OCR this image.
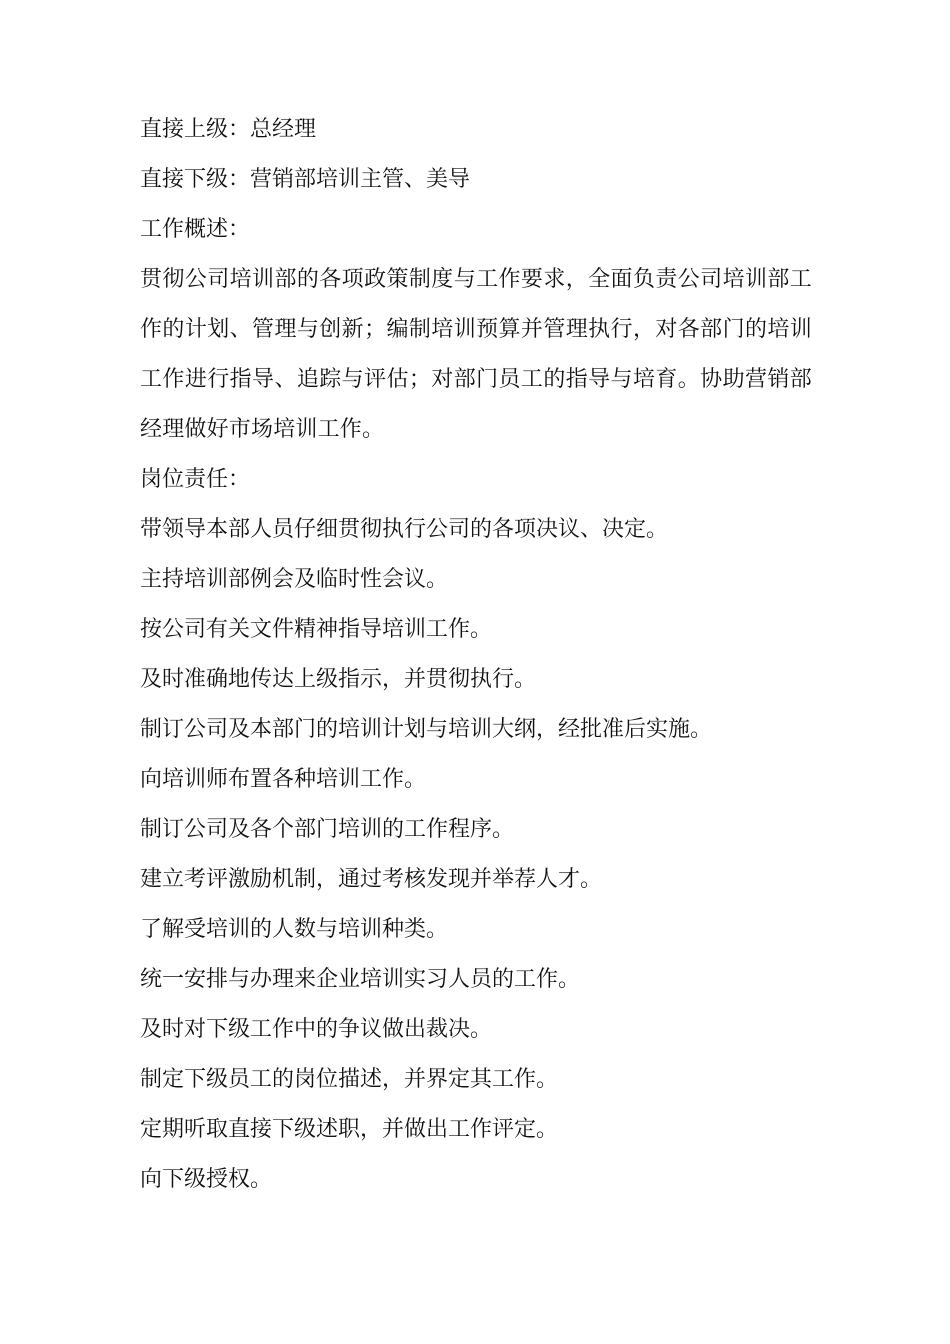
直接上级：总经理

直接下级：营销部培训主管、美导

工作概述：

贯彻公司培训部的各项政策制度与工作要求，全面负责公司培训部工作的计划、管理与创新；编制培训预算并管理执行，对各部门的培训工作进行指导、追踪与评估；对部门员工的指导与培育。协助营销部经理做好市场培训工作。

岗位责任：

带领导本部人员仔细贯彻执行公司的各项决议、决定。

主持培训部例会及临时性会议。

按公司有关文件精神指导培训工作。

及时准确地传达上级指示，并贯彻执行。

制订公司及本部门的培训计划与培训大纲，经批准后实施。

向培训师布置各种培训工作。

制订公司及各个部门培训的工作程序。

建立考评激励机制，通过考核发现并举荐人才。

了解受培训的人数与培训种类。

统一安排与办理来企业培训实习人员的工作。

及时对下级工作中的争议做出裁决。

制定下级员工的岗位描述，并界定其工作。

定期听取直接下级述职，并做出工作评定。

向下级授权。
